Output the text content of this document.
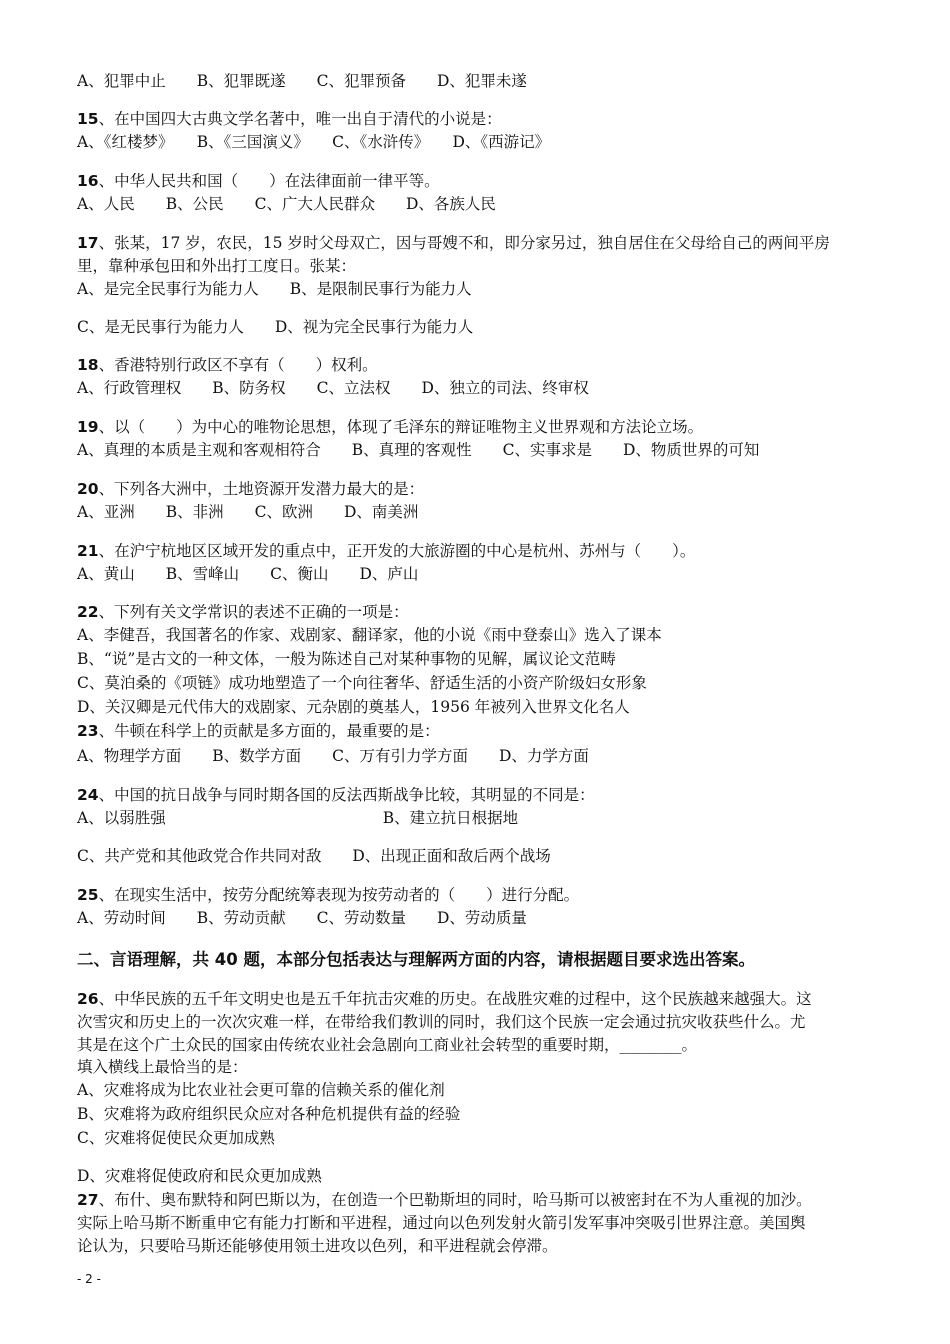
A、犯罪中止　　B、犯罪既遂　　C、犯罪预备　　D、犯罪未遂
15、在中国四大古典文学名著中，唯一出自于清代的小说是：
A、《红楼梦》　　B、《三国演义》　　C、《水浒传》　　D、《西游记》
16、中华人民共和国（　　）在法律面前一律平等。
A、人民　　B、公民　　C、广大人民群众　　D、各族人民
17、张某，17 岁，农民，15 岁时父母双亡，因与哥嫂不和，即分家另过，独自居住在父母给自己的两间平房
里，靠种承包田和外出打工度日。张某：
A、是完全民事行为能力人　　B、是限制民事行为能力人
C、是无民事行为能力人　　D、视为完全民事行为能力人
18、香港特别行政区不享有（　　）权利。
A、行政管理权　　B、防务权　　C、立法权　　D、独立的司法、终审权
19、以（　　）为中心的唯物论思想，体现了毛泽东的辩证唯物主义世界观和方法论立场。
A、真理的本质是主观和客观相符合　　B、真理的客观性　　C、实事求是　　D、物质世界的可知
20、下列各大洲中，土地资源开发潜力最大的是：
A、亚洲　　B、非洲　　C、欧洲　　D、南美洲
21、在沪宁杭地区区域开发的重点中，正开发的大旅游圈的中心是杭州、苏州与（　　）。
A、黄山　　B、雪峰山　　C、衡山　　D、庐山
22、下列有关文学常识的表述不正确的一项是：
A、李健吾，我国著名的作家、戏剧家、翻译家，他的小说《雨中登泰山》选入了课本
B、“说”是古文的一种文体，一般为陈述自己对某种事物的见解，属议论文范畴
C、莫泊桑的《项链》成功地塑造了一个向往奢华、舒适生活的小资产阶级妇女形象
D、关汉卿是元代伟大的戏剧家、元杂剧的奠基人，1956 年被列入世界文化名人
23、牛顿在科学上的贡献是多方面的，最重要的是：
A、物理学方面　　B、数学方面　　C、万有引力学方面　　D、力学方面
24、中国的抗日战争与同时期各国的反法西斯战争比较，其明显的不同是：
A、以弱胜强　　　　　　　　　　　　　　B、建立抗日根据地
C、共产党和其他政党合作共同对敌　　D、出现正面和敌后两个战场
25、在现实生活中，按劳分配统筹表现为按劳动者的（　　）进行分配。
A、劳动时间　　B、劳动贡献　　C、劳动数量　　D、劳动质量
26、中华民族的五千年文明史也是五千年抗击灾难的历史。在战胜灾难的过程中，这个民族越来越强大。这
次雪灾和历史上的一次次灾难一样，在带给我们教训的同时，我们这个民族一定会通过抗灾收获些什么。尤
其是在这个广土众民的国家由传统农业社会急剧向工商业社会转型的重要时期，________。
填入横线上最恰当的是：
A、灾难将成为比农业社会更可靠的信赖关系的催化剂
B、灾难将为政府组织民众应对各种危机提供有益的经验
C、灾难将促使民众更加成熟
D、灾难将促使政府和民众更加成熟
27、布什、奥布默特和阿巴斯以为，在创造一个巴勒斯坦的同时，哈马斯可以被密封在不为人重视的加沙。
实际上哈马斯不断重申它有能力打断和平进程，通过向以色列发射火箭引发军事冲突吸引世界注意。美国舆
论认为，只要哈马斯还能够使用领土进攻以色列，和平进程就会停滞。
二、言语理解，共 40 题，本部分包括表达与理解两方面的内容，请根据题目要求选出答案。
- 2 -
